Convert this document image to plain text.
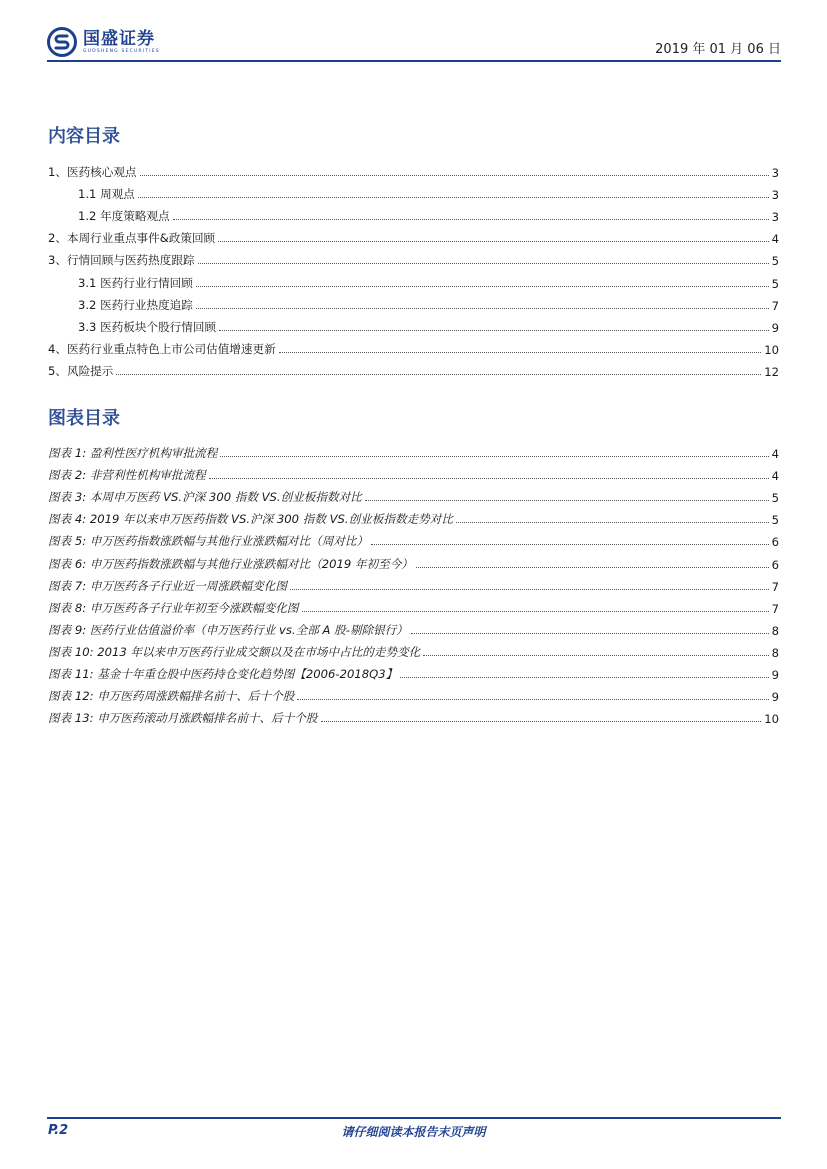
国盛证券
GUOSHENG SECURITIES	2019 年 01 月 06 日
内容目录
1、医药核心观点	3
1.1 周观点	3
1.2 年度策略观点	3
2、本周行业重点事件&政策回顾	4
3、行情回顾与医药热度跟踪	5
3.1 医药行业行情回顾	5
3.2 医药行业热度追踪	7
3.3 医药板块个股行情回顾	9
4、医药行业重点特色上市公司估值增速更新	10
5、风险提示	12
图表目录
图表 1: 盈利性医疗机构审批流程	4
图表 2: 非营利性机构审批流程	4
图表 3: 本周申万医药 VS.沪深 300 指数 VS.创业板指数对比	5
图表 4: 2019 年以来申万医药指数 VS.沪深 300 指数 VS.创业板指数走势对比	5
图表 5: 申万医药指数涨跌幅与其他行业涨跌幅对比（周对比）	6
图表 6: 申万医药指数涨跌幅与其他行业涨跌幅对比（2019 年初至今）	6
图表 7: 申万医药各子行业近一周涨跌幅变化图	7
图表 8: 申万医药各子行业年初至今涨跌幅变化图	7
图表 9: 医药行业估值溢价率（申万医药行业 vs.全部 A 股-剔除银行）	8
图表 10: 2013 年以来申万医药行业成交额以及在市场中占比的走势变化	8
图表 11: 基金十年重仓股中医药持仓变化趋势图【2006-2018Q3】	9
图表 12: 申万医药周涨跌幅排名前十、后十个股	9
图表 13: 申万医药滚动月涨跌幅排名前十、后十个股	10
P.2	请仔细阅读本报告末页声明
